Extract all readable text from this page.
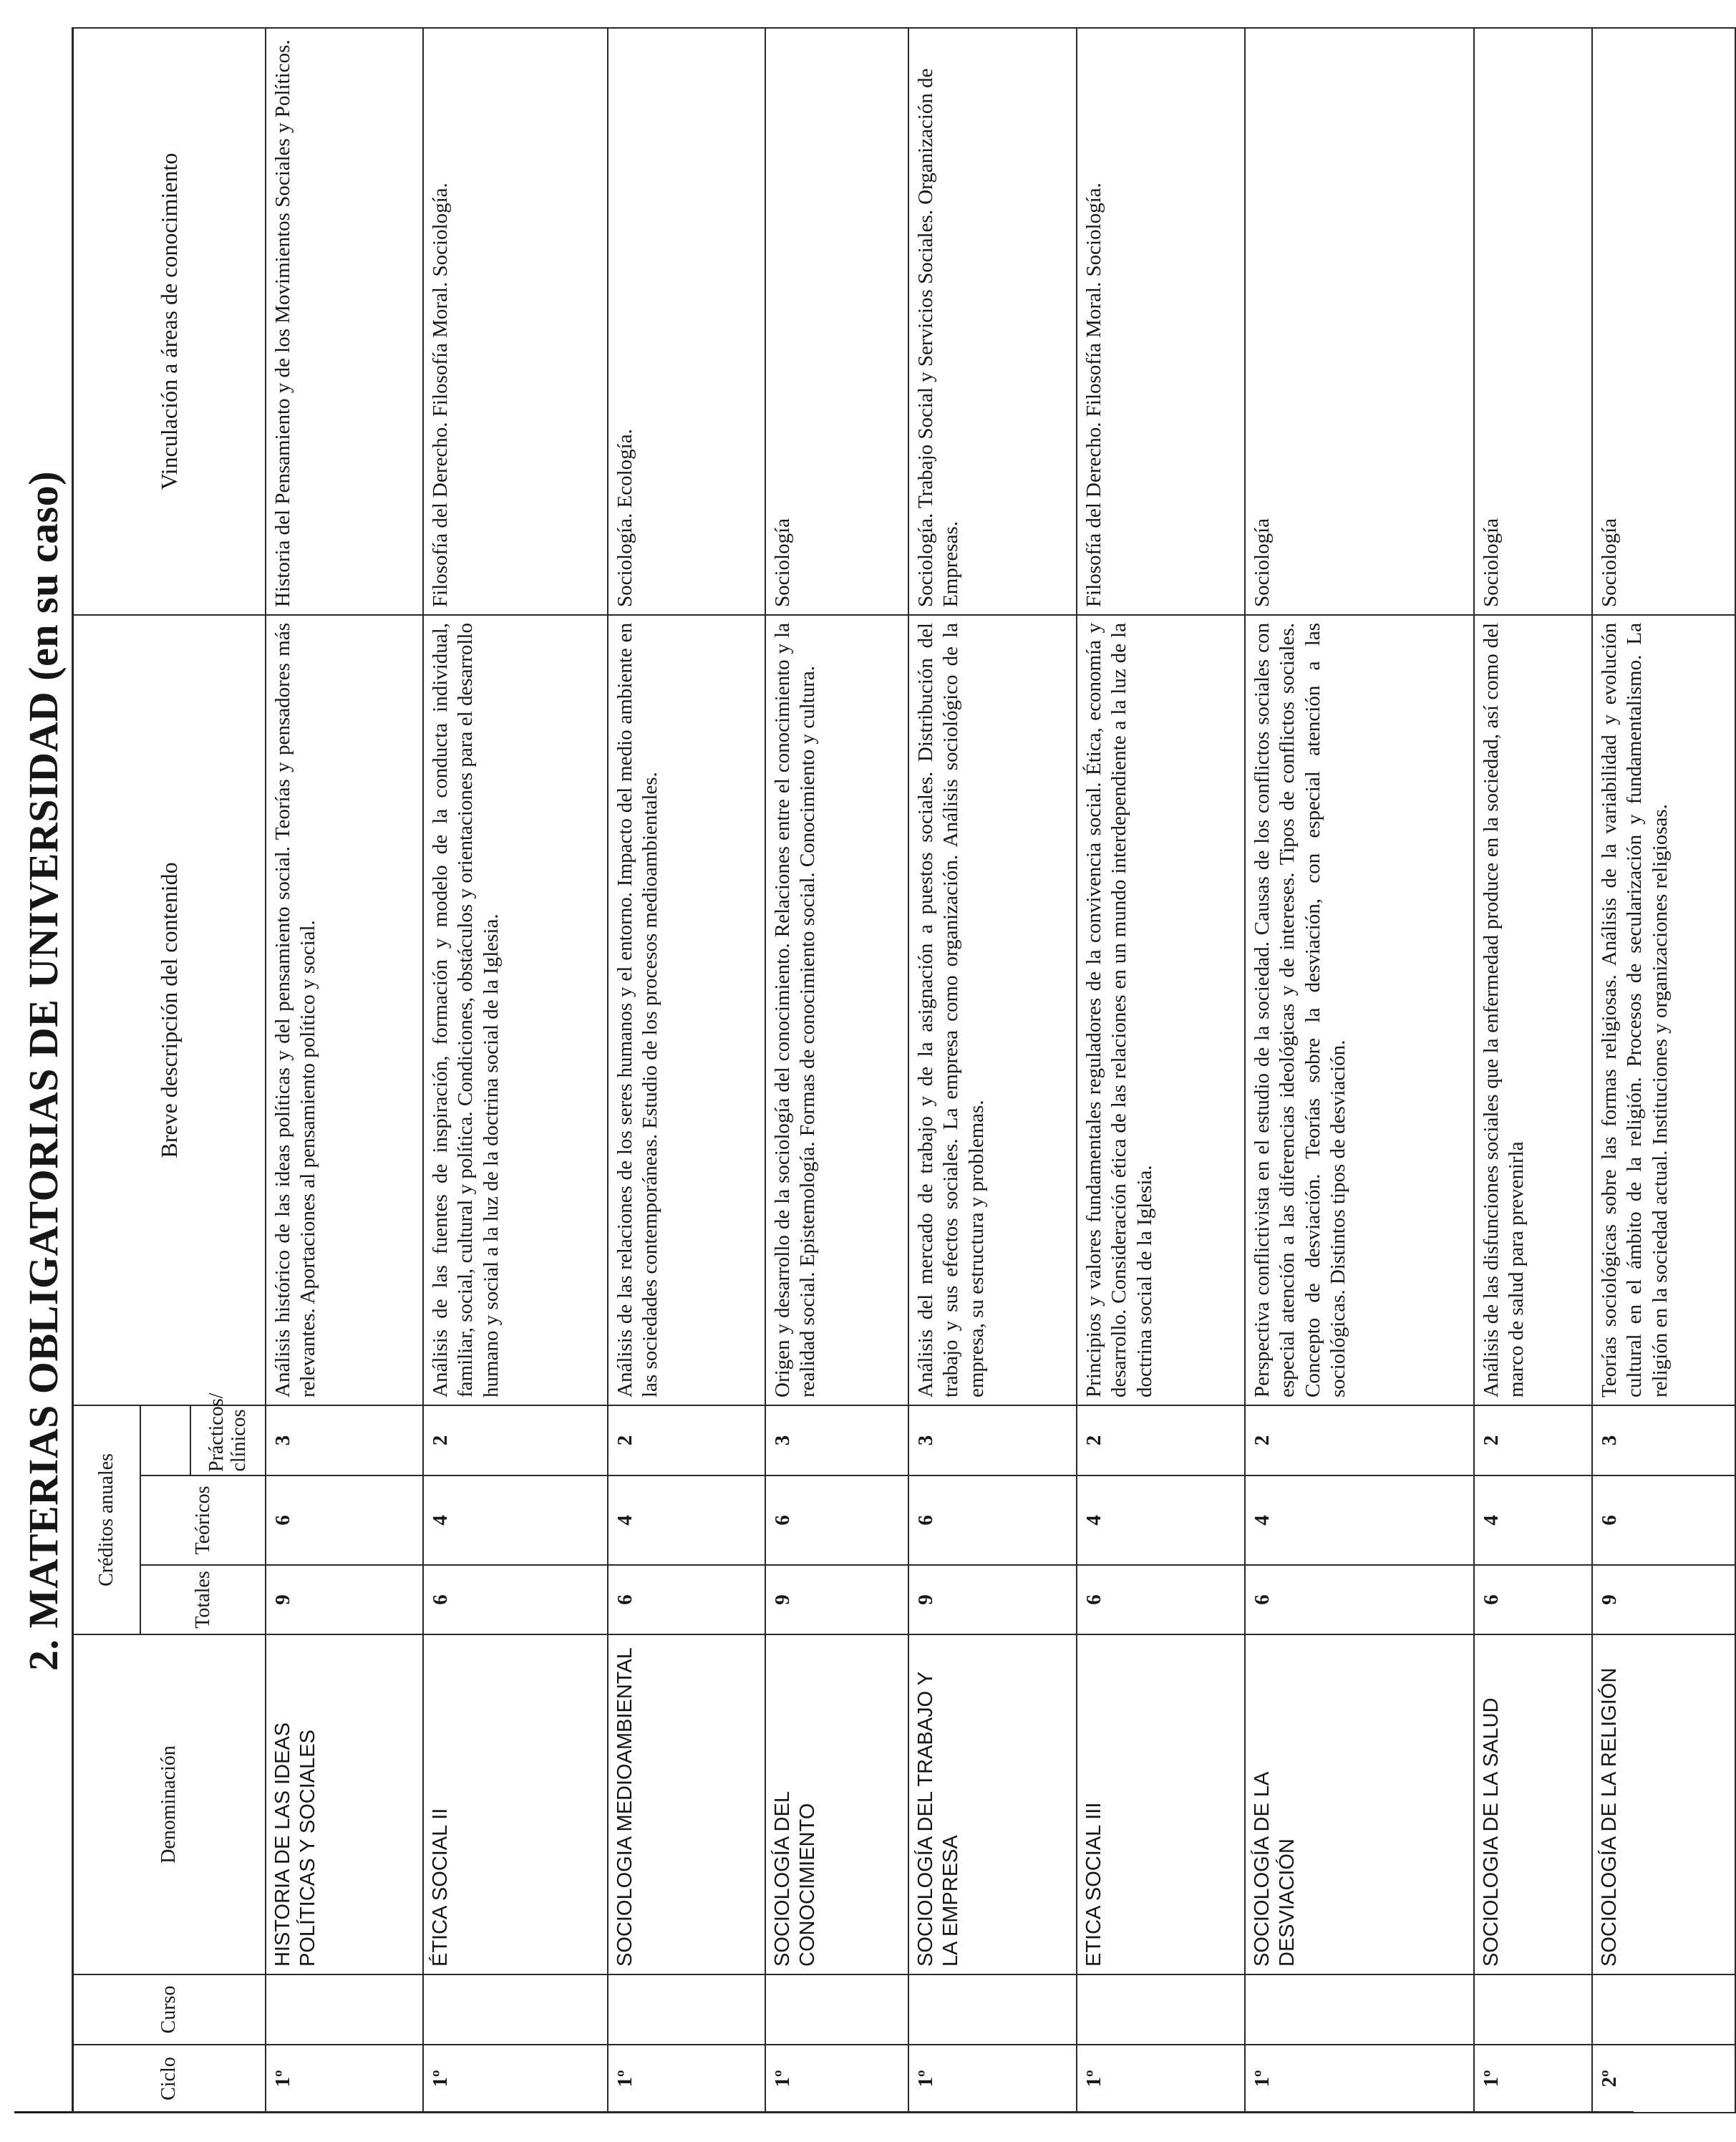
2. MATERIAS OBLIGATORIAS DE UNIVERSIDAD (en su caso)
Ciclo	Curso	Denominación	Créditos anuales			Breve descripción del contenido	Vinculación a áreas de conocimiento
			Totales	Teóricos			
					Prácticos/ clínicos		
1º		HISTORIA DE LAS IDEAS POLÍTICAS Y SOCIALES	9	6	3	Análisis histórico de las ideas políticas y del pensamiento social. Teorías y pensadores más relevantes. Aportaciones al pensamiento político y social.	Historia del Pensamiento y de los Movimientos Sociales y Políticos.
1º		ÉTICA SOCIAL II	6	4	2	Análisis de las fuentes de inspiración, formación y modelo de la conducta individual, familiar, social, cultural y política. Condiciones, obstáculos y orientaciones para el desarrollo humano y social a la luz de la doctrina social de la Iglesia.	Filosofía del Derecho. Filosofía Moral. Sociología.
1º		SOCIOLOGIA MEDIOAMBIENTAL	6	4	2	Análisis de las relaciones de los seres humanos y el entorno. Impacto del medio ambiente en las sociedades contemporáneas. Estudio de los procesos medioambientales.	Sociología. Ecología.
1º		SOCIOLOGÍA DEL CONOCIMIENTO	9	6	3	Origen y desarrollo de la sociología del conocimiento. Relaciones entre el conocimiento y la realidad social. Epistemología. Formas de conocimiento social. Conocimiento y cultura.	Sociología
1º		SOCIOLOGÍA DEL TRABAJO Y LA EMPRESA	9	6	3	Análisis del mercado de trabajo y de la asignación a puestos sociales. Distribución del trabajo y sus efectos sociales. La empresa como organización. Análisis sociológico de la empresa, su estructura y problemas.	Sociología. Trabajo Social y Servicios Sociales. Organización de Empresas.
1º		ETICA SOCIAL III	6	4	2	Principios y valores fundamentales reguladores de la convivencia social. Ética, economía y desarrollo. Consideración ética de las relaciones en un mundo interdependiente a la luz de la doctrina social de la Iglesia.	Filosofía del Derecho. Filosofía Moral. Sociología.
1º		SOCIOLOGÍA DE LA DESVIACIÓN	6	4	2	Perspectiva conflictivista en el estudio de la sociedad. Causas de los conflictos sociales con especial atención a las diferencias ideológicas y de intereses. Tipos de conflictos sociales. Concepto de desviación. Teorías sobre la desviación, con especial atención a las sociológicas. Distintos tipos de desviación.	Sociología
1º		SOCIOLOGIA DE LA SALUD	6	4	2	Análisis de las disfunciones sociales que la enfermedad produce en la sociedad, así como del marco de salud para prevenirla	Sociología
2º		SOCIOLOGÍA DE LA RELIGIÓN	9	6	3	Teorías sociológicas sobre las formas religiosas. Análisis de la variabilidad y evolución cultural en el ámbito de la religión. Procesos de secularización y fundamentalismo. La religión en la sociedad actual. Instituciones y organizaciones religiosas.	Sociología
